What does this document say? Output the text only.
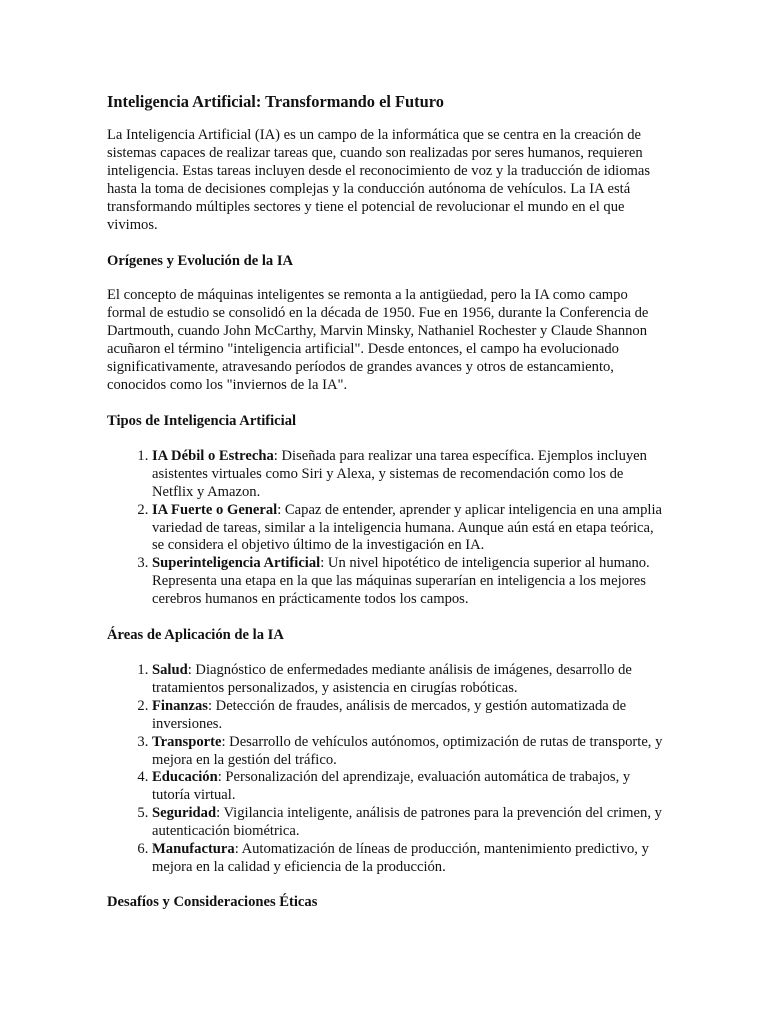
Inteligencia Artificial: Transformando el Futuro

La Inteligencia Artificial (IA) es un campo de la informática que se centra en la creación de sistemas capaces de realizar tareas que, cuando son realizadas por seres humanos, requieren inteligencia. Estas tareas incluyen desde el reconocimiento de voz y la traducción de idiomas hasta la toma de decisiones complejas y la conducción autónoma de vehículos. La IA está transformando múltiples sectores y tiene el potencial de revolucionar el mundo en el que vivimos.

Orígenes y Evolución de la IA

El concepto de máquinas inteligentes se remonta a la antigüedad, pero la IA como campo formal de estudio se consolidó en la década de 1950. Fue en 1956, durante la Conferencia de Dartmouth, cuando John McCarthy, Marvin Minsky, Nathaniel Rochester y Claude Shannon acuñaron el término "inteligencia artificial". Desde entonces, el campo ha evolucionado significativamente, atravesando períodos de grandes avances y otros de estancamiento, conocidos como los "inviernos de la IA".

Tipos de Inteligencia Artificial
1. IA Débil o Estrecha: Diseñada para realizar una tarea específica. Ejemplos incluyen asistentes virtuales como Siri y Alexa, y sistemas de recomendación como los de Netflix y Amazon.
2. IA Fuerte o General: Capaz de entender, aprender y aplicar inteligencia en una amplia variedad de tareas, similar a la inteligencia humana. Aunque aún está en etapa teórica, se considera el objetivo último de la investigación en IA.
3. Superinteligencia Artificial: Un nivel hipotético de inteligencia superior al humano. Representa una etapa en la que las máquinas superarían en inteligencia a los mejores cerebros humanos en prácticamente todos los campos.
Áreas de Aplicación de la IA
1. Salud: Diagnóstico de enfermedades mediante análisis de imágenes, desarrollo de tratamientos personalizados, y asistencia en cirugías robóticas.
2. Finanzas: Detección de fraudes, análisis de mercados, y gestión automatizada de inversiones.
3. Transporte: Desarrollo de vehículos autónomos, optimización de rutas de transporte, y mejora en la gestión del tráfico.
4. Educación: Personalización del aprendizaje, evaluación automática de trabajos, y tutoría virtual.
5. Seguridad: Vigilancia inteligente, análisis de patrones para la prevención del crimen, y autenticación biométrica.
6. Manufactura: Automatización de líneas de producción, mantenimiento predictivo, y mejora en la calidad y eficiencia de la producción.
Desafíos y Consideraciones Éticas
